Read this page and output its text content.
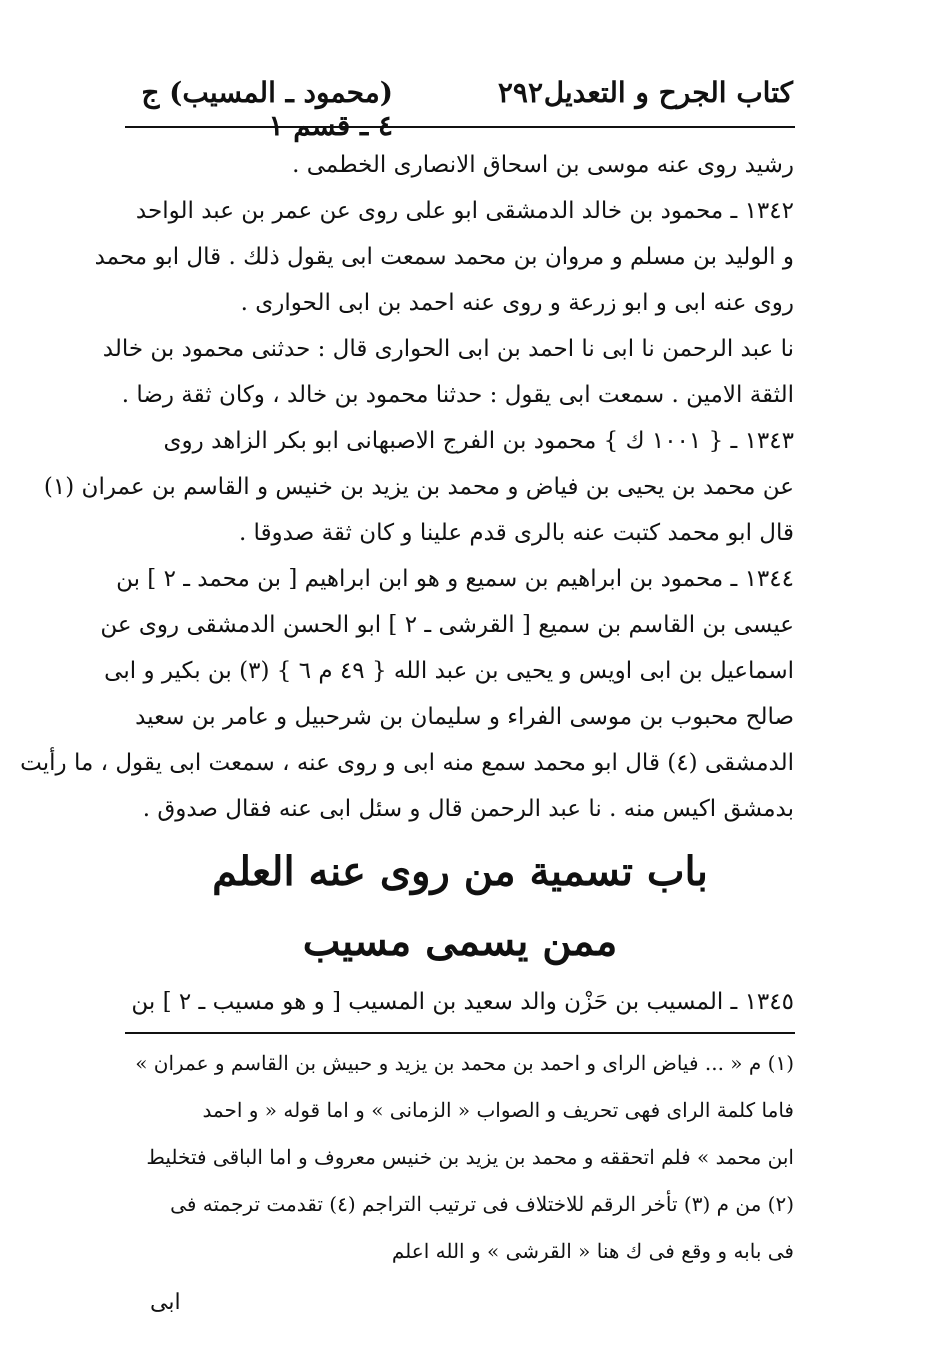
كتاب الجرح و التعديل
٢٩٢
(محمود ـ المسيب) ج ٤ ـ قسم ١
رشيد روى عنه موسى بن اسحاق الانصارى الخطمى .
١٣٤٢ ـ محمود بن خالد الدمشقى ابو على روى عن عمر بن عبد الواحد
و الوليد بن مسلم و مروان بن محمد سمعت ابى يقول ذلك . قال ابو محمد
روى عنه ابى و ابو زرعة و روى عنه احمد بن ابى الحوارى .
نا عبد الرحمن نا ابى نا احمد بن ابى الحوارى قال : حدثنى محمود بن خالد
الثقة الامين . سمعت ابى يقول : حدثنا محمود بن خالد ، وكان ثقة رضا .
١٣٤٣ ـ { ١٠٠١ ك } محمود بن الفرج الاصبهانى ابو بكر الزاهد روى
عن محمد بن يحيى بن فياض و محمد بن يزيد بن خنيس و القاسم بن عمران (١)
قال ابو محمد كتبت عنه بالرى قدم علينا و كان ثقة صدوقا .
١٣٤٤ ـ محمود بن ابراهيم بن سميع و هو ابن ابراهيم [ بن محمد ـ ٢ ] بن
عيسى بن القاسم بن سميع [ القرشى ـ ٢ ] ابو الحسن الدمشقى روى عن
اسماعيل بن ابى اويس و يحيى بن عبد الله { ٤٩ م ٦ } (٣) بن بكير و ابى
صالح محبوب بن موسى الفراء و سليمان بن شرحبيل و عامر بن سعيد
الدمشقى (٤) قال ابو محمد سمع منه ابى و روى عنه ، سمعت ابى يقول ، ما رأيت
بدمشق اكيس منه . نا عبد الرحمن قال و سئل ابى عنه فقال صدوق .
باب تسمية من روى عنه العلم
ممن يسمى مسيب
١٣٤٥ ـ المسيب بن حَزْن والد سعيد بن المسيب [ و هو مسيب ـ ٢ ] بن
(١) م « ... فياض الراى و احمد بن محمد بن يزيد و حبيش بن القاسم و عمران »
فاما كلمة الراى فهى تحريف و الصواب « الزمانى » و اما قوله « و احمد
ابن محمد » فلم اتحققه و محمد بن يزيد بن خنيس معروف و اما الباقى فتخليط
(٢) من م (٣) تأخر الرقم للاختلاف فى ترتيب التراجم (٤) تقدمت ترجمته فى
فى بابه و وقع فى ك هنا « القرشى » و الله اعلم
ابى
